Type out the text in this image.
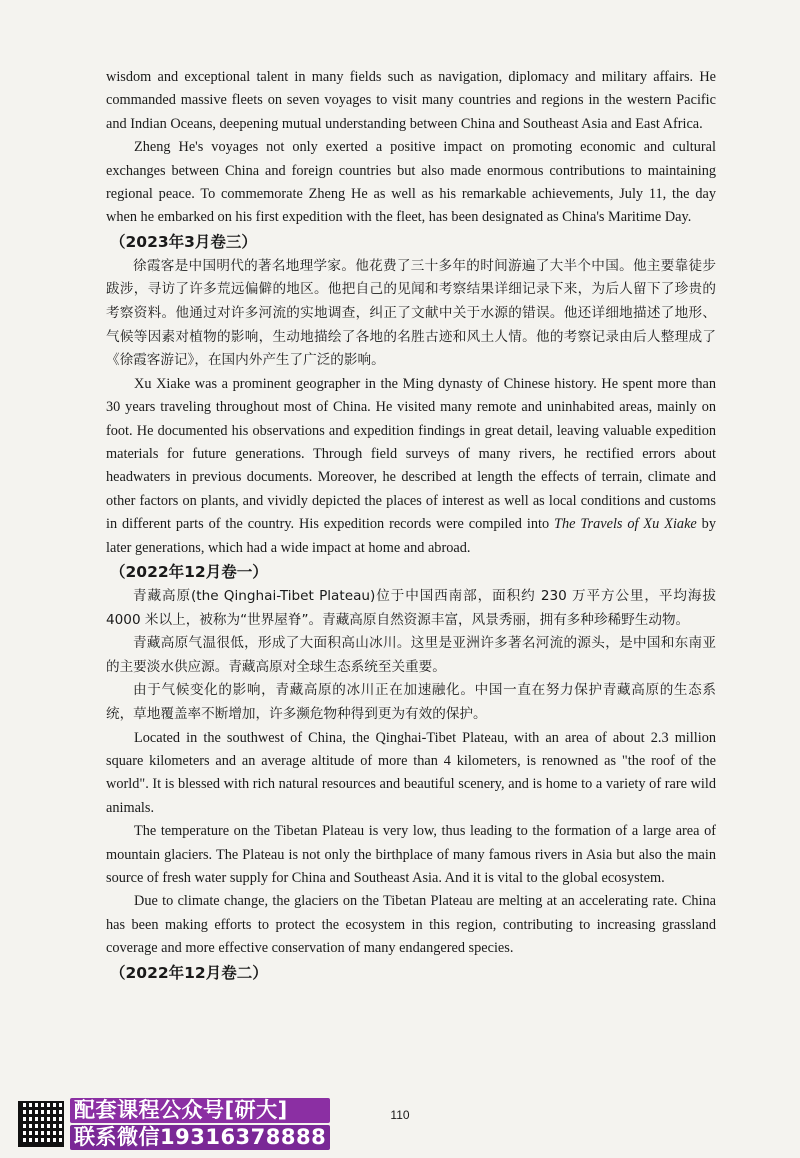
wisdom and exceptional talent in many fields such as navigation, diplomacy and military affairs. He commanded massive fleets on seven voyages to visit many countries and regions in the western Pacific and Indian Oceans, deepening mutual understanding between China and Southeast Asia and East Africa.

Zheng He's voyages not only exerted a positive impact on promoting economic and cultural exchanges between China and foreign countries but also made enormous contributions to maintaining regional peace. To commemorate Zheng He as well as his remarkable achievements, July 11, the day when he embarked on his first expedition with the fleet, has been designated as China's Maritime Day.

（2023年3月卷三）

徐霞客是中国明代的著名地理学家。他花费了三十多年的时间游遍了大半个中国。他主要靠徒步跋涉，寻访了许多荒远偏僻的地区。他把自己的见闻和考察结果详细记录下来，为后人留下了珍贵的考察资料。他通过对许多河流的实地调查，纠正了文献中关于水源的错误。他还详细地描述了地形、气候等因素对植物的影响，生动地描绘了各地的名胜古迹和风土人情。他的考察记录由后人整理成了《徐霞客游记》，在国内外产生了广泛的影响。

Xu Xiake was a prominent geographer in the Ming dynasty of Chinese history. He spent more than 30 years traveling throughout most of China. He visited many remote and uninhabited areas, mainly on foot. He documented his observations and expedition findings in great detail, leaving valuable expedition materials for future generations. Through field surveys of many rivers, he rectified errors about headwaters in previous documents. Moreover, he described at length the effects of terrain, climate and other factors on plants, and vividly depicted the places of interest as well as local conditions and customs in different parts of the country. His expedition records were compiled into The Travels of Xu Xiake by later generations, which had a wide impact at home and abroad.

（2022年12月卷一）

青藏高原(the Qinghai-Tibet Plateau)位于中国西南部，面积约 230 万平方公里，平均海拔 4000 米以上，被称为“世界屋脊”。青藏高原自然资源丰富，风景秀丽，拥有多种珍稀野生动物。

青藏高原气温很低，形成了大面积高山冰川。这里是亚洲许多著名河流的源头，是中国和东南亚的主要淡水供应源。青藏高原对全球生态系统至关重要。

由于气候变化的影响，青藏高原的冰川正在加速融化。中国一直在努力保护青藏高原的生态系统，草地覆盖率不断增加，许多濒危物种得到更为有效的保护。

Located in the southwest of China, the Qinghai-Tibet Plateau, with an area of about 2.3 million square kilometers and an average altitude of more than 4 kilometers, is renowned as "the roof of the world". It is blessed with rich natural resources and beautiful scenery, and is home to a variety of rare wild animals.

The temperature on the Tibetan Plateau is very low, thus leading to the formation of a large area of mountain glaciers. The Plateau is not only the birthplace of many famous rivers in Asia but also the main source of fresh water supply for China and Southeast Asia. And it is vital to the global ecosystem.

Due to climate change, the glaciers on the Tibetan Plateau are melting at an accelerating rate. China has been making efforts to protect the ecosystem in this region, contributing to increasing grassland coverage and more effective conservation of many endangered species.

（2022年12月卷二）
110
配套课程公众号[研大]
联系微信19316378888
